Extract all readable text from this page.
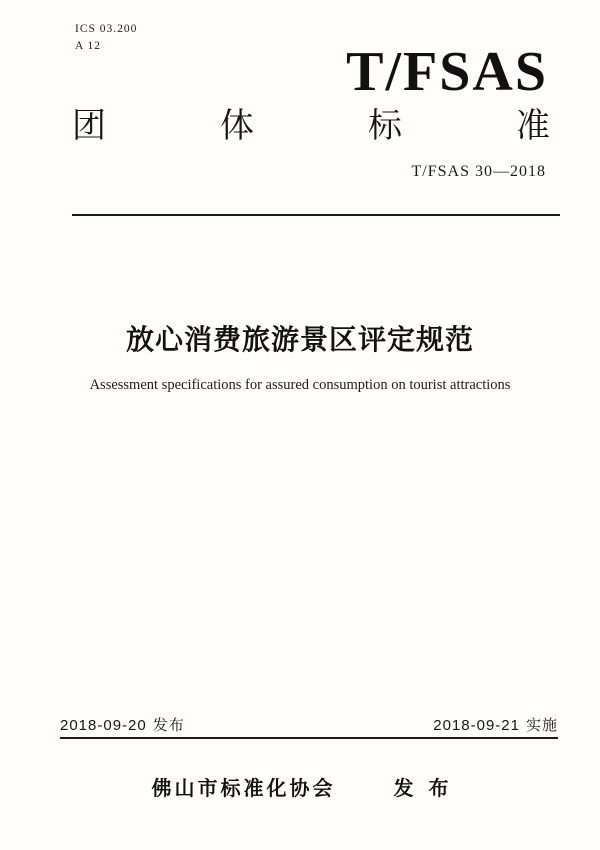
ICS 03.200
A 12	T/FSAS
团	体	标	准
T/FSAS 30—2018
放心消费旅游景区评定规范
Assessment specifications for assured consumption on tourist attractions
2018-09-20 发布	2018-09-21 实施
佛山市标准化协会	发布
